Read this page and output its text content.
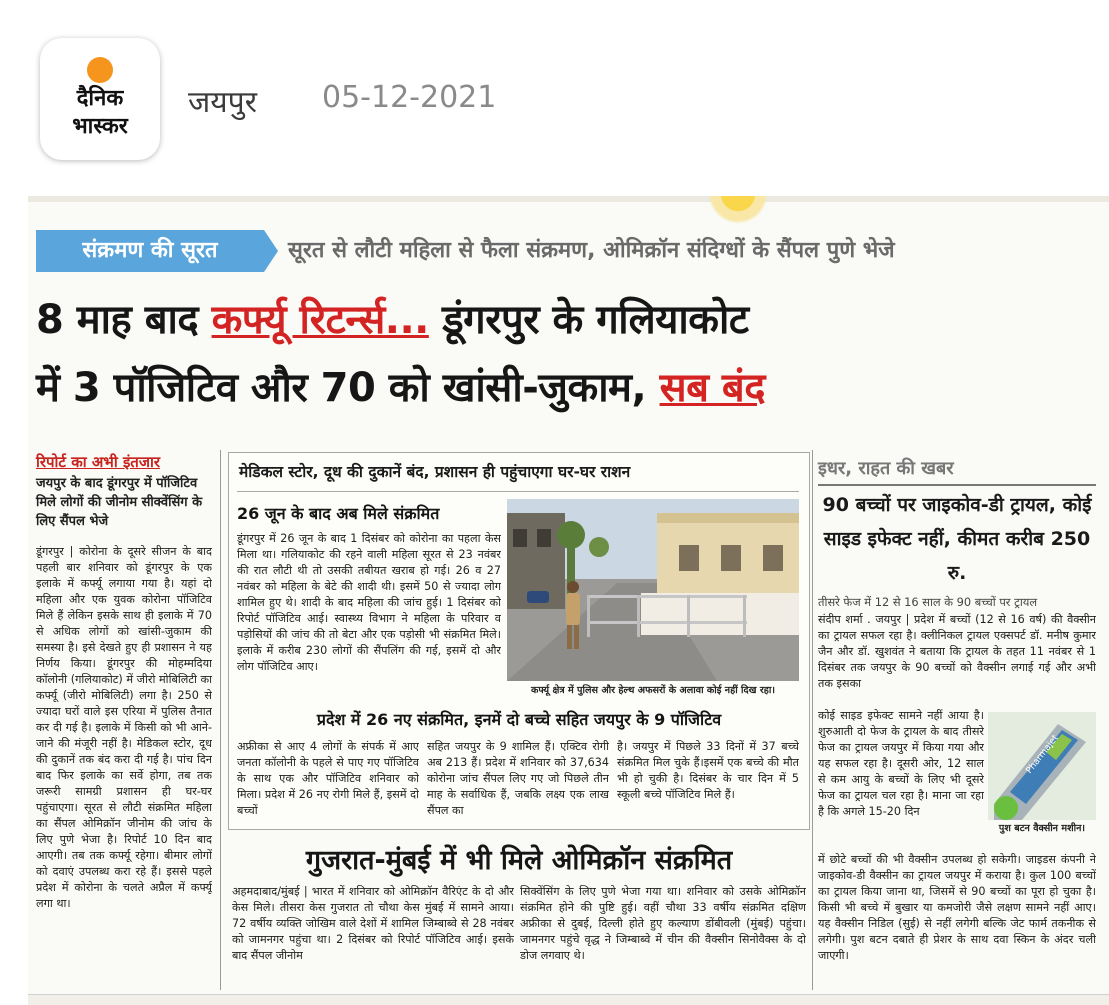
दैनिक
भास्कर
जयपुर 05-12-2021
संक्रमण की सूरत	सूरत से लौटी महिला से फैला संक्रमण, ओमिक्रॉन संदिग्धों के सैंपल पुणे भेजे
8 माह बाद कर्फ्यू रिटर्न्स... डूंगरपुर के गलियाकोट
में 3 पॉजिटिव और 70 को खांसी-जुकाम, सब बंद
रिपोर्ट का अभी इंतजार
जयपुर के बाद डूंगरपुर में पॉजिटिव मिले लोगों की जीनोम सीक्वेंसिंग के लिए सैंपल भेजे
डूंगरपुर | कोरोना के दूसरे सीजन के बाद पहली बार शनिवार को डूंगरपुर के एक इलाके में कर्फ्यू लगाया गया है। यहां दो महिला और एक युवक कोरोना पॉजिटिव मिले हैं लेकिन इसके साथ ही इलाके में 70 से अधिक लोगों को खांसी-जुकाम की समस्या है। इसे देखते हुए ही प्रशासन ने यह निर्णय किया। डूंगरपुर की मोहम्मदिया कॉलोनी (गलियाकोट) में जीरो मोबिलिटी का कर्फ्यू (जीरो मोबिलिटी) लगा है। 250 से ज्यादा घरों वाले इस एरिया में पुलिस तैनात कर दी गई है। इलाके में किसी को भी आने-जाने की मंजूरी नहीं है। मेडिकल स्टोर, दूध की दुकानें तक बंद करा दी गई है। पांच दिन बाद फिर इलाके का सर्वे होगा, तब तक जरूरी सामग्री प्रशासन ही घर-घर पहुंचाएगा। सूरत से लौटी संक्रमित महिला का सैंपल ओमिक्रॉन जीनोम की जांच के लिए पुणे भेजा है। रिपोर्ट 10 दिन बाद आएगी। तब तक कर्फ्यू रहेगा। बीमार लोगों को दवाएं उपलब्ध करा रहे हैं। इससे पहले प्रदेश में कोरोना के चलते अप्रैल में कर्फ्यू लगा था।
मेडिकल स्टोर, दूध की दुकानें बंद, प्रशासन ही पहुंचाएगा घर-घर राशन
26 जून के बाद अब मिले संक्रमित
डूंगरपुर में 26 जून के बाद 1 दिसंबर को कोरोना का पहला केस मिला था। गलियाकोट की रहने वाली महिला सूरत से 23 नवंबर की रात लौटी थी तो उसकी तबीयत खराब हो गई। 26 व 27 नवंबर को महिला के बेटे की शादी थी। इसमें 50 से ज्यादा लोग शामिल हुए थे। शादी के बाद महिला की जांच हुई। 1 दिसंबर को रिपोर्ट पॉजिटिव आई। स्वास्थ्य विभाग ने महिला के परिवार व पड़ोसियों की जांच की तो बेटा और एक पड़ोसी भी संक्रमित मिले। इलाके में करीब 230 लोगों की सैंपलिंग की गई, इसमें दो और लोग पॉजिटिव आए।
कर्फ्यू क्षेत्र में पुलिस और हेल्थ अफसरों के अलावा कोई नहीं दिख रहा।
प्रदेश में 26 नए संक्रमित, इनमें दो बच्चे सहित जयपुर के 9 पॉजिटिव
अफ्रीका से आए 4 लोगों के संपर्क में आए जनता कॉलोनी के पहले से पाए गए पॉजिटिव के साथ एक और पॉजिटिव शनिवार को मिला। प्रदेश में 26 नए रोगी मिले हैं, इसमें दो बच्चों
सहित जयपुर के 9 शामिल हैं। एक्टिव रोगी अब 213 हैं। प्रदेश में शनिवार को 37,634 कोरोना जांच सैंपल लिए गए जो पिछले तीन माह के सर्वाधिक हैं, जबकि लक्ष्य एक लाख सैंपल का
है। जयपुर में पिछले 33 दिनों में 37 बच्चे संक्रमित मिल चुके हैं।इसमें एक बच्चे की मौत भी हो चुकी है। दिसंबर के चार दिन में 5 स्कूली बच्चे पॉजिटिव मिले हैं।
गुजरात-मुंबई में भी मिले ओमिक्रॉन संक्रमित
अहमदाबाद/मुंबई | भारत में शनिवार को ओमिक्रॉन वैरिएंट के दो और केस मिले। तीसरा केस गुजरात तो चौथा केस मुंबई में सामने आया। 72 वर्षीय व्यक्ति जोखिम वाले देशों में शामिल जिम्बाब्वे से 28 नवंबर को जामनगर पहुंचा था। 2 दिसंबर को रिपोर्ट पॉजिटिव आई। इसके बाद सैंपल जीनोम
सिक्वेंसिंग के लिए पुणे भेजा गया था। शनिवार को उसके ओमिक्रॉन संक्रमित होने की पुष्टि हुई। वहीं चौथा 33 वर्षीय संक्रमित दक्षिण अफ्रीका से दुबई, दिल्ली होते हुए कल्याण डोंबीवली (मुंबई) पहुंचा। जामनगर पहुंचे वृद्ध ने जिम्बाब्वे में चीन की वैक्सीन सिनोवैक्स के दो डोज लगवाए थे।
इधर, राहत की खबर
90 बच्चों पर जाइकोव-डी ट्रायल, कोई साइड इफेक्ट नहीं, कीमत करीब 250 रु.
तीसरे फेज में 12 से 16 साल के 90 बच्चों पर ट्रायल
संदीप शर्मा . जयपुर | प्रदेश में बच्चों (12 से 16 वर्ष) की वैक्सीन का ट्रायल सफल रहा है। क्लीनिकल ट्रायल एक्सपर्ट डॉ. मनीष कुमार जैन और डॉ. खुशवंत ने बताया कि ट्रायल के तहत 11 नवंबर से 1 दिसंबर तक जयपुर के 90 बच्चों को वैक्सीन लगाई गई और अभी तक इसका
कोई साइड इफेक्ट सामने नहीं आया है। शुरुआती दो फेज के ट्रायल के बाद तीसरे फेज का ट्रायल जयपुर में किया गया और यह सफल रहा है। दूसरी ओर, 12 साल से कम आयु के बच्चों के लिए भी दूसरे फेज का ट्रायल चल रहा है। माना जा रहा है कि अगले 15-20 दिन
Pharmajet
पुश बटन वैक्सीन मशीन।
में छोटे बच्चों की भी वैक्सीन उपलब्ध हो सकेगी। जाइडस कंपनी ने जाइकोव-डी वैक्सीन का ट्रायल जयपुर में कराया है। कुल 100 बच्चों का ट्रायल किया जाना था, जिसमें से 90 बच्चों का पूरा हो चुका है। किसी भी बच्चे में बुखार या कमजोरी जैसे लक्षण सामने नहीं आए। यह वैक्सीन निडिल (सुई) से नहीं लगेगी बल्कि जेट फार्म तकनीक से लगेगी। पुश बटन दबाते ही प्रेशर के साथ दवा स्किन के अंदर चली जाएगी।
